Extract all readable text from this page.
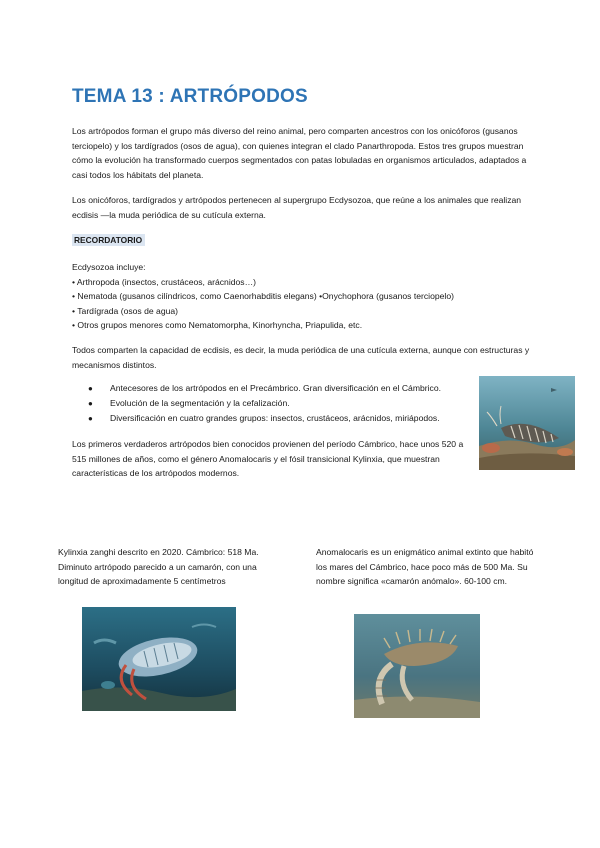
TEMA 13 : ARTRÓPODOS

Los artrópodos forman el grupo más diverso del reino animal, pero comparten ancestros con los onicóforos (gusanos terciopelo) y los tardígrados (osos de agua), con quienes integran el clado Panarthropoda. Estos tres grupos muestran cómo la evolución ha transformado cuerpos segmentados con patas lobuladas en organismos articulados, adaptados a casi todos los hábitats del planeta.

Los onicóforos, tardígrados y artrópodos pertenecen al supergrupo Ecdysozoa, que reúne a los animales que realizan ecdisis —la muda periódica de su cutícula externa.

RECORDATORIO
Ecdysozoa incluye:
• Arthropoda (insectos, crustáceos, arácnidos…)
• Nematoda (gusanos cilíndricos, como Caenorhabditis elegans) •Onychophora (gusanos terciopelo)
• Tardígrada (osos de agua)
• Otros grupos menores como Nematomorpha, Kinorhyncha, Priapulida, etc.

Todos comparten la capacidad de ecdisis, es decir, la muda periódica de una cutícula externa, aunque con estructuras y mecanismos distintos.

● Antecesores de los artrópodos en el Precámbrico. Gran diversificación en el Cámbrico.
● Evolución de la segmentación y la cefalización.
● Diversificación en cuatro grandes grupos: insectos, crustáceos, arácnidos, miriápodos.

Los primeros verdaderos artrópodos bien conocidos provienen del período Cámbrico, hace unos 520 a 515 millones de años, como el género Anomalocaris y el fósil transicional Kylinxia, que muestran características de los artrópodos modernos.

Kylinxia zanghi descrito en 2020. Cámbrico: 518 Ma. Diminuto artrópodo parecido a un camarón, con una longitud de aproximadamente 5 centímetros

Anomalocaris es un enigmático animal extinto que habitó los mares del Cámbrico, hace poco más de 500 Ma. Su nombre significa «camarón anómalo». 60-100 cm.
